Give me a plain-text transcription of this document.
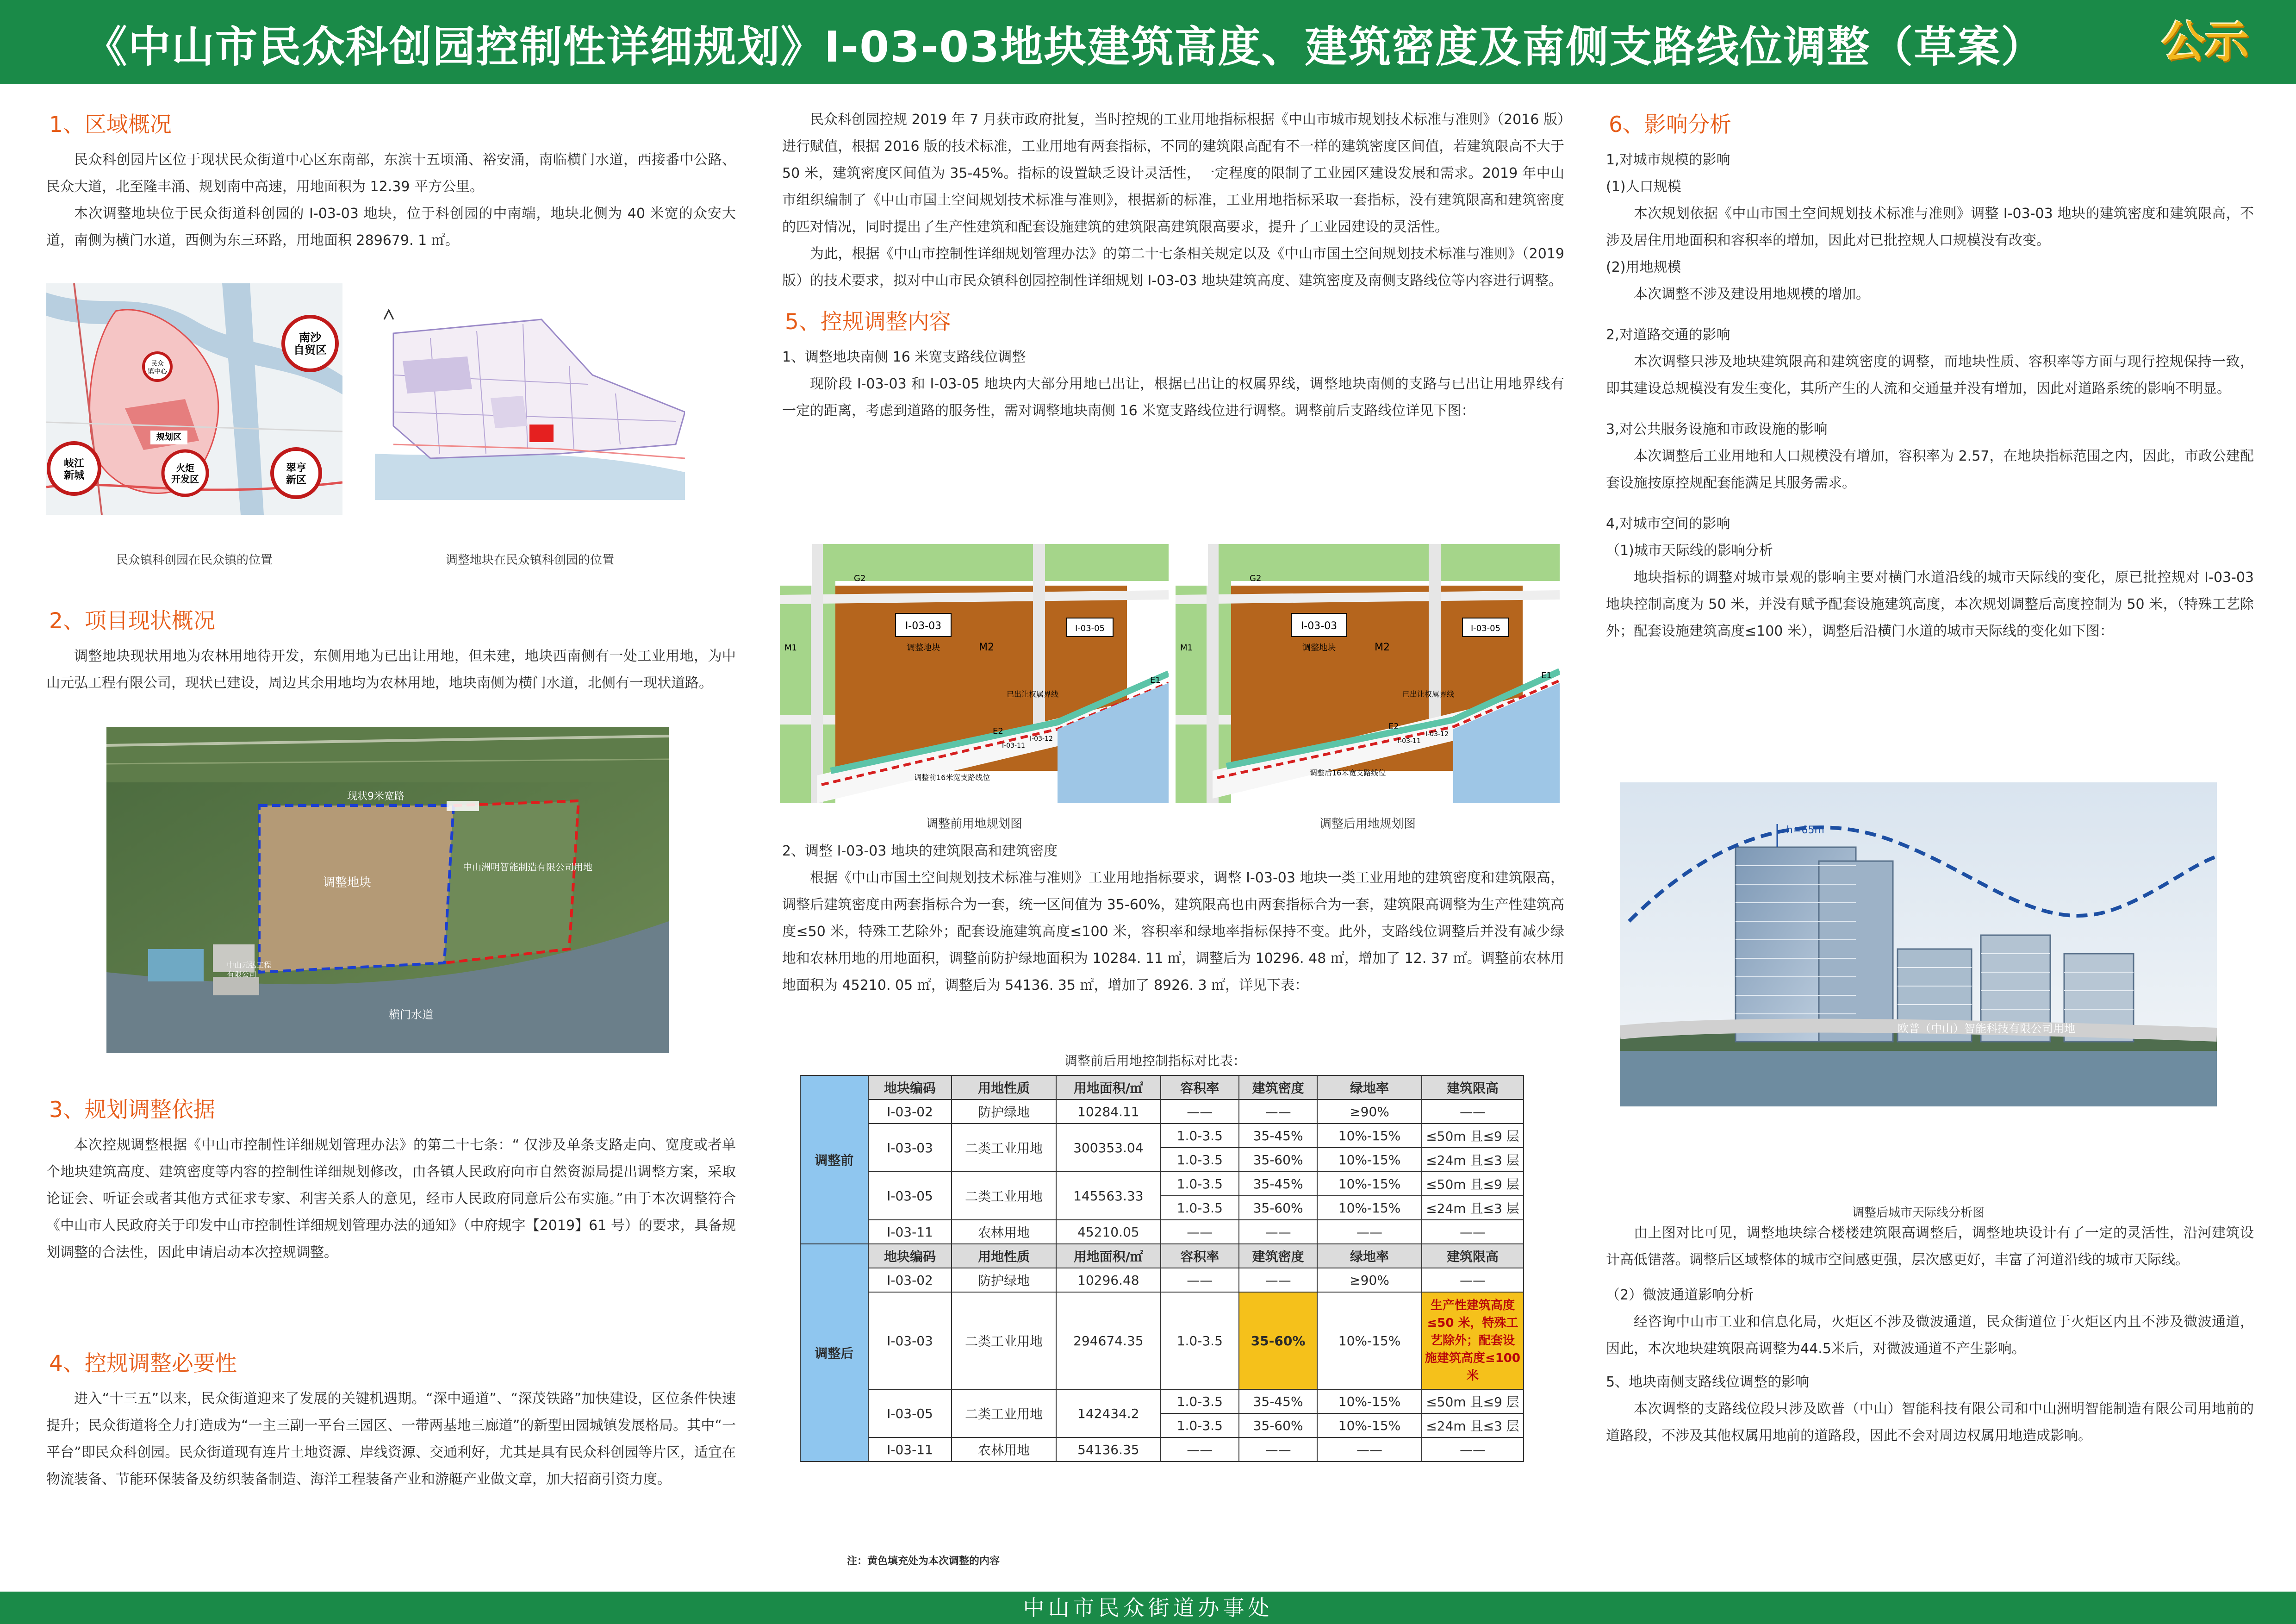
《中山市民众科创园控制性详细规划》I-03-03地块建筑高度、建筑密度及南侧支路线位调整（草案）	公示
1、区域概况

民众科创园片区位于现状民众街道中心区东南部，东滨十五顷涌、裕安涌，南临横门水道，西接番中公路、民众大道，北至隆丰涌、规划南中高速，用地面积为 12.39 平方公里。

本次调整地块位于民众街道科创园的 I-03-03 地块，位于科创园的中南端，地块北侧为 40 米宽的众安大道，南侧为横门水道，西侧为东三环路，用地面积 289679. 1 ㎡。

南沙
自贸区
民众
镇中心
规划区
岐江
新城
火炬
开发区
翠亨
新区
民众镇科创园在民众镇的位置	调整地块在民众镇科创园的位置
2、项目现状概况

调整地块现状用地为农林用地待开发，东侧用地为已出让用地，但未建，地块西南侧有一处工业用地，为中山元弘工程有限公司，现状已建设，周边其余用地均为农林用地，地块南侧为横门水道，北侧有一现状道路。

现状9米宽路
调整地块
中山洲明智能制造有限公司用地
中山元弘工程
有限公司
横门水道
3、规划调整依据

本次控规调整根据《中山市控制性详细规划管理办法》的第二十七条：“ 仅涉及单条支路走向、宽度或者单个地块建筑高度、建筑密度等内容的控制性详细规划修改，由各镇人民政府向市自然资源局提出调整方案，采取论证会、听证会或者其他方式征求专家、利害关系人的意见，经市人民政府同意后公布实施。”由于本次调整符合《中山市人民政府关于印发中山市控制性详细规划管理办法的通知》（中府规字【2019】61 号）的要求，具备规划调整的合法性，因此申请启动本次控规调整。

4、控规调整必要性

进入“十三五”以来，民众街道迎来了发展的关键机遇期。“深中通道”、“深茂铁路”加快建设，区位条件快速提升；民众街道将全力打造成为“一主三副一平台三园区、一带两基地三廊道”的新型田园城镇发展格局。其中“一平台”即民众科创园。民众街道现有连片土地资源、岸线资源、交通利好，尤其是具有民众科创园等片区，适宜在物流装备、节能环保装备及纺织装备制造、海洋工程装备产业和游艇产业做文章，加大招商引资力度。

民众科创园控规 2019 年 7 月获市政府批复，当时控规的工业用地指标根据《中山市城市规划技术标准与准则》（2016 版）进行赋值，根据 2016 版的技术标准，工业用地有两套指标，不同的建筑限高配有不一样的建筑密度区间值，若建筑限高不大于 50 米，建筑密度区间值为 35-45%。指标的设置缺乏设计灵活性，一定程度的限制了工业园区建设发展和需求。2019 年中山市组织编制了《中山市国土空间规划技术标准与准则》，根据新的标准，工业用地指标采取一套指标，没有建筑限高和建筑密度的匹对情况，同时提出了生产性建筑和配套设施建筑的建筑限高建筑限高要求，提升了工业园建设的灵活性。

为此，根据《中山市控制性详细规划管理办法》的第二十七条相关规定以及《中山市国土空间规划技术标准与准则》（2019 版）的技术要求，拟对中山市民众镇科创园控制性详细规划 I-03-03 地块建筑高度、建筑密度及南侧支路线位等内容进行调整。

5、控规调整内容

1、调整地块南侧 16 米宽支路线位调整

现阶段 I-03-03 和 I-03-05 地块内大部分用地已出让，根据已出让的权属界线，调整地块南侧的支路与已出让用地界线有一定的距离，考虑到道路的服务性，需对调整地块南侧 16 米宽支路线位进行调整。调整前后支路线位详见下图：

I-03-03
调整地块	M2
I-03-05
已出让权属界线
G2
E1
E2
M1
调整前16米宽支路线位
I-03-11
I-03-12
调整前用地规划图
I-03-03
调整地块	M2
I-03-05
已出让权属界线
G2
E1
E2
M1
调整后16米宽支路线位
I-03-11
I-03-12
调整后用地规划图

2、调整 I-03-03 地块的建筑限高和建筑密度

根据《中山市国土空间规划技术标准与准则》工业用地指标要求，调整 I-03-03 地块一类工业用地的建筑密度和建筑限高，调整后建筑密度由两套指标合为一套，统一区间值为 35-60%，建筑限高也由两套指标合为一套，建筑限高调整为生产性建筑高度≤50 米，特殊工艺除外；配套设施建筑高度≤100 米，容积率和绿地率指标保持不变。此外，支路线位调整后并没有减少绿地和农林用地的用地面积，调整前防护绿地面积为 10284. 11 ㎡，调整后为 10296. 48 ㎡，增加了 12. 37 ㎡。调整前农林用地面积为 45210. 05 ㎡，调整后为 54136. 35 ㎡，增加了 8926. 3 ㎡，详见下表：

调整前后用地控制指标对比表：
调整前	地块编码	用地性质	用地面积/㎡	容积率	建筑密度	绿地率	建筑限高
	I-03-02	防护绿地	10284.11	——	——	≥90%	——
	I-03-03	二类工业用地	300353.04	1.0-3.5	35-45%	10%-15%	≤50m 且≤9 层
				1.0-3.5	35-60%	10%-15%	≤24m 且≤3 层
	I-03-05	二类工业用地	145563.33	1.0-3.5	35-45%	10%-15%	≤50m 且≤9 层
				1.0-3.5	35-60%	10%-15%	≤24m 且≤3 层
	I-03-11	农林用地	45210.05	——	——	——	——
调整后	地块编码	用地性质	用地面积/㎡	容积率	建筑密度	绿地率	建筑限高
	I-03-02	防护绿地	10296.48	——	——	≥90%	——
	I-03-03	二类工业用地	294674.35	1.0-3.5	35-60%	10%-15%	生产性建筑高度≤50 米，特殊工艺除外；配套设施建筑高度≤100 米
	I-03-05	二类工业用地	142434.2	1.0-3.5	35-45%	10%-15%	≤50m 且≤9 层
				1.0-3.5	35-60%	10%-15%	≤24m 且≤3 层
	I-03-11	农林用地	54136.35	——	——	——	——
注：黄色填充处为本次调整的内容
6、影响分析

1,对城市规模的影响

(1)人口规模

本次规划依据《中山市国土空间规划技术标准与准则》调整 I-03-03 地块的建筑密度和建筑限高，不涉及居住用地面积和容积率的增加，因此对已批控规人口规模没有改变。

(2)用地规模

本次调整不涉及建设用地规模的增加。

2,对道路交通的影响

本次调整只涉及地块建筑限高和建筑密度的调整，而地块性质、容积率等方面与现行控规保持一致，即其建设总规模没有发生变化，其所产生的人流和交通量并没有增加，因此对道路系统的影响不明显。

3,对公共服务设施和市政设施的影响

本次调整后工业用地和人口规模没有增加，容积率为 2.57，在地块指标范围之内，因此，市政公建配套设施按原控规配套能满足其服务需求。

4,对城市空间的影响

（1)城市天际线的影响分析

地块指标的调整对城市景观的影响主要对横门水道沿线的城市天际线的变化，原已批控规对 I-03-03 地块控制高度为 50 米，并没有赋予配套设施建筑高度，本次规划调整后高度控制为 50 米，（特殊工艺除外；配套设施建筑高度≤100 米），调整后沿横门水道的城市天际线的变化如下图：

h=65m
欧普（中山）智能科技有限公司用地
调整后城市天际线分析图

由上图对比可见，调整地块综合楼楼建筑限高调整后，调整地块设计有了一定的灵活性，沿河建筑设计高低错落。调整后区域整体的城市空间感更强，层次感更好，丰富了河道沿线的城市天际线。

（2）微波通道影响分析

经咨询中山市工业和信息化局，火炬区不涉及微波通道，民众街道位于火炬区内且不涉及微波通道，因此，本次地块建筑限高调整为44.5米后，对微波通道不产生影响。

5、地块南侧支路线位调整的影响

本次调整的支路线位段只涉及欧普（中山）智能科技有限公司和中山洲明智能制造有限公司用地前的道路段，不涉及其他权属用地前的道路段，因此不会对周边权属用地造成影响。

中山市民众街道办事处
